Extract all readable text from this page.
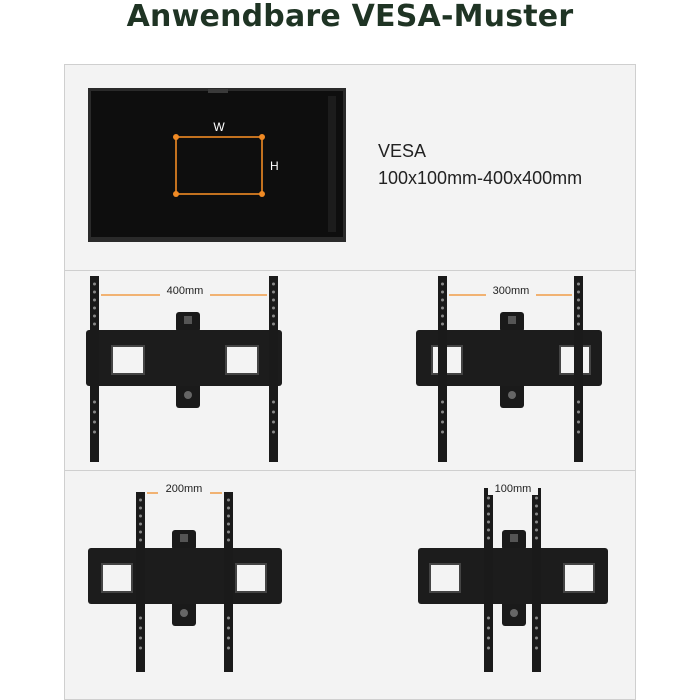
Anwendbare VESA-Muster
W
H
VESA
100x100mm-400x400mm
400mm	300mm
200mm	100mm
